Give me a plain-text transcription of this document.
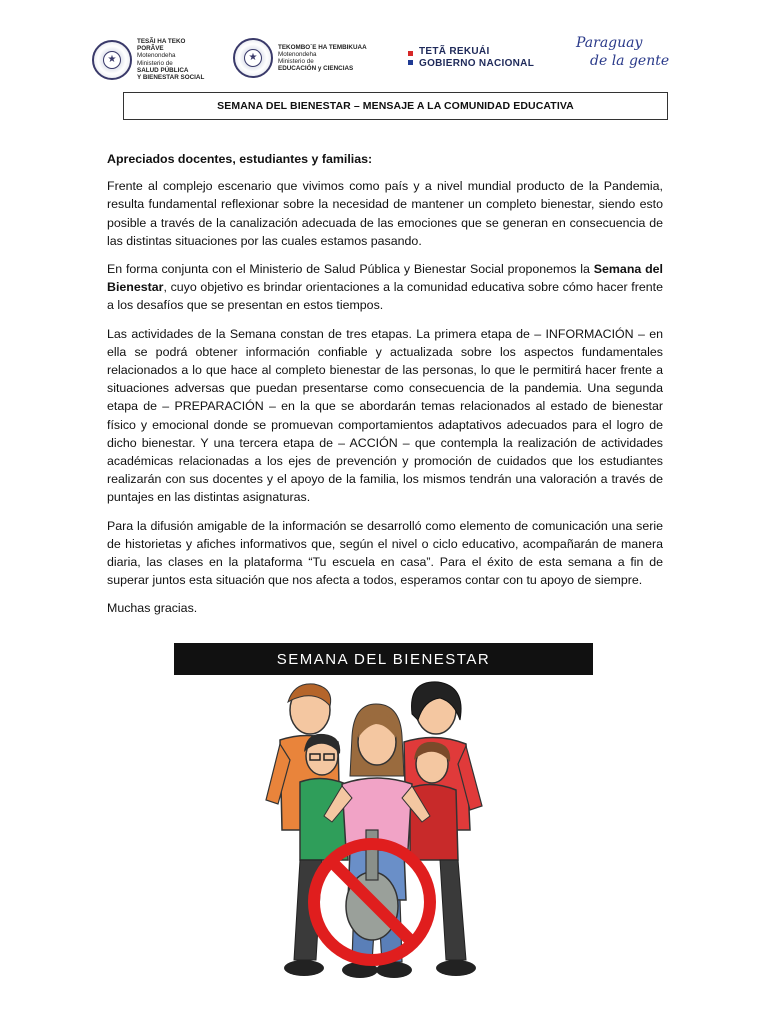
★
TESÃI HA TEKO
PORÃVE
Motenondeha
Ministerio de
SALUD PÚBLICA
Y BIENESTAR SOCIAL
★
TEKOMBO´E HA TEMBIKUAA
Motenondeha
Ministerio de
EDUCACIÓN y CIENCIAS
TETÃ REKUÁI
GOBIERNO NACIONAL
Paraguay
de la gente
SEMANA DEL BIENESTAR – MENSAJE A LA COMUNIDAD EDUCATIVA

Apreciados docentes, estudiantes y familias:

Frente al complejo escenario que vivimos como país y a nivel mundial producto de la Pandemia, resulta fundamental reflexionar sobre la necesidad de mantener un completo bienestar, siendo esto posible a través de la canalización adecuada de las emociones que se generan en consecuencia de las distintas situaciones por las cuales estamos pasando.

En forma conjunta con el Ministerio de Salud Pública y Bienestar Social proponemos la Semana del Bienestar, cuyo objetivo es brindar orientaciones a la comunidad educativa sobre cómo hacer frente a los desafíos que se presentan en estos tiempos.

Las actividades de la Semana constan de tres etapas. La primera etapa de – INFORMACIÓN – en ella se podrá obtener información confiable y actualizada sobre los aspectos fundamentales relacionados a lo que hace al completo bienestar de las personas, lo que le permitirá hacer frente a situaciones adversas que puedan presentarse como consecuencia de la pandemia. Una segunda etapa de – PREPARACIÓN – en la que se abordarán temas relacionados al estado de bienestar físico y emocional donde se promuevan comportamientos adaptativos adecuados para el logro de dicho bienestar. Y una tercera etapa de – ACCIÓN – que contempla la realización de actividades académicas relacionadas a los ejes de prevención y promoción de cuidados que los estudiantes realizarán con sus docentes y el apoyo de la familia, los mismos tendrán una valoración a través de puntajes en las distintas asignaturas.

Para la difusión amigable de la información se desarrolló como elemento de comunicación una serie de historietas y afiches informativos que, según el nivel o ciclo educativo, acompañarán de manera diaria, las clases en la plataforma “Tu escuela en casa”. Para el éxito de esta semana a fin de superar juntos esta situación que nos afecta a todos, esperamos contar con tu apoyo de siempre.

Muchas gracias.

SEMANA DEL BIENESTAR
